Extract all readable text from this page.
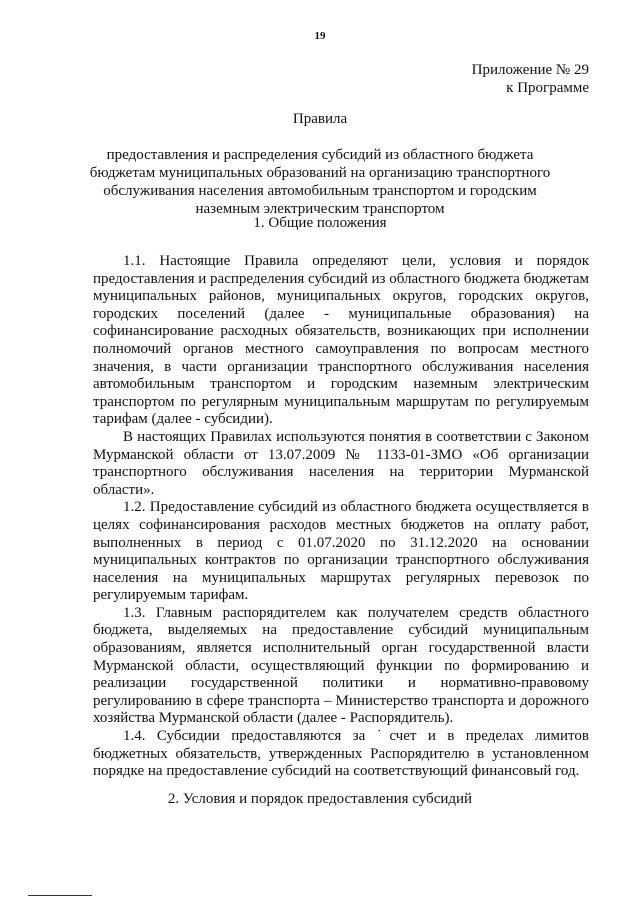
19
Приложение № 29
к Программе
Правила
предоставления и распределения субсидий из областного бюджета
бюджетам муниципальных образований на организацию транспортного
обслуживания населения автомобильным транспортом и городским
наземным электрическим транспортом
1. Общие положения

1.1. Настоящие Правила определяют цели, условия и порядок предоставления и распределения субсидий из областного бюджета бюджетам муниципальных районов, муниципальных округов, городских округов, городских поселений (далее - муниципальные образования) на софинансирование расходных обязательств, возникающих при исполнении полномочий органов местного самоуправления по вопросам местного значения, в части организации транспортного обслуживания населения автомобильным транспортом и городским наземным электрическим транспортом по регулярным муниципальным маршрутам по регулируемым тарифам (далее - субсидии).

В настоящих Правилах используются понятия в соответствии с Законом Мурманской области от 13.07.2009 № 1133-01-ЗМО «Об организации транспортного обслуживания населения на территории Мурманской области».

1.2. Предоставление субсидий из областного бюджета осуществляется в целях софинансирования расходов местных бюджетов на оплату работ, выполненных в период с 01.07.2020 по 31.12.2020 на основании муниципальных контрактов по организации транспортного обслуживания населения на муниципальных маршрутах регулярных перевозок по регулируемым тарифам.

1.3. Главным распорядителем как получателем средств областного бюджета, выделяемых на предоставление субсидий муниципальным образованиям, является исполнительный орган государственной власти Мурманской области, осуществляющий функции по формированию и реализации государственной политики и нормативно-правовому регулированию в сфере транспорта – Министерство транспорта и дорожного хозяйства Мурманской области (далее - Распорядитель).

1.4. Субсидии предоставляются за ˙счет и в пределах лимитов бюджетных обязательств, утвержденных Распорядителю в установленном порядке на предоставление субсидий на соответствующий финансовый год.

2. Условия и порядок предоставления субсидий
